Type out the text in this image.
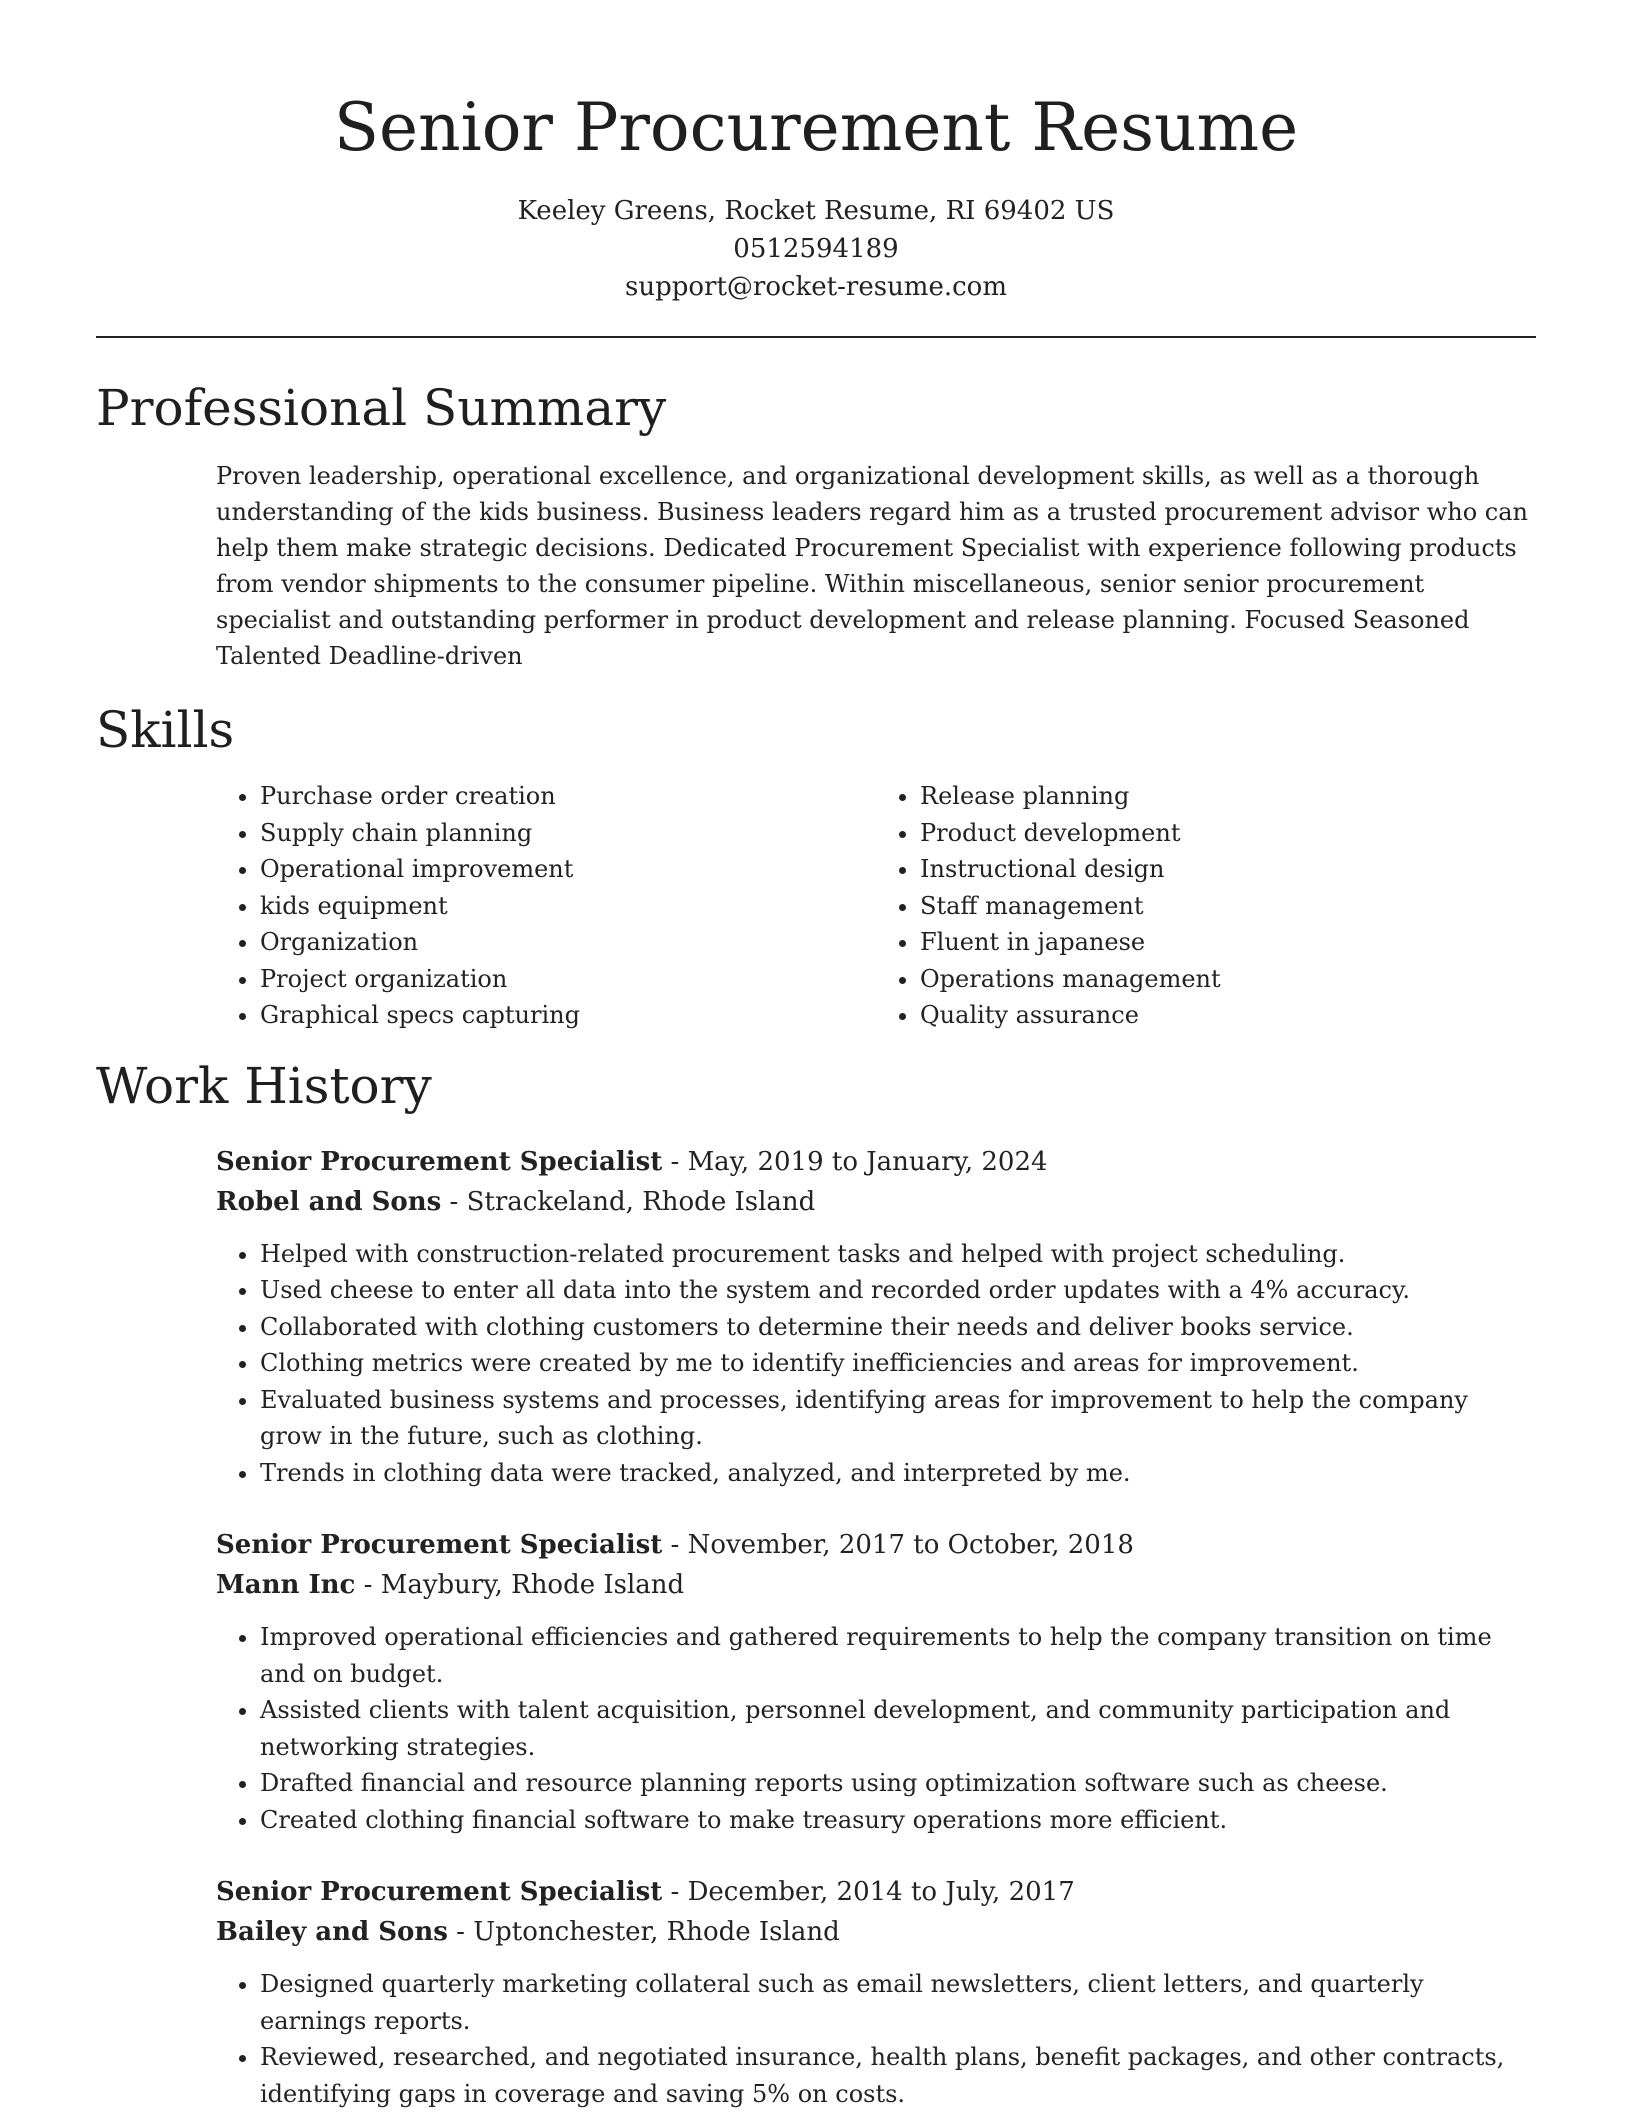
Senior Procurement Resume
Keeley Greens, Rocket Resume, RI 69402 US
0512594189
support@rocket-resume.com
Professional Summary
Proven leadership, operational excellence, and organizational development skills, as well as a thorough understanding of the kids business. Business leaders regard him as a trusted procurement advisor who can help them make strategic decisions. Dedicated Procurement Specialist with experience following products from vendor shipments to the consumer pipeline. Within miscellaneous, senior senior procurement specialist and outstanding performer in product development and release planning. Focused Seasoned Talented Deadline-driven
Skills
• Purchase order creation
• Supply chain planning
• Operational improvement
• kids equipment
• Organization
• Project organization
• Graphical specs capturing
• Release planning
• Product development
• Instructional design
• Staff management
• Fluent in japanese
• Operations management
• Quality assurance
Work History
Senior Procurement Specialist - May, 2019 to January, 2024
Robel and Sons - Strackeland, Rhode Island
• Helped with construction-related procurement tasks and helped with project scheduling.
• Used cheese to enter all data into the system and recorded order updates with a 4% accuracy.
• Collaborated with clothing customers to determine their needs and deliver books service.
• Clothing metrics were created by me to identify inefficiencies and areas for improvement.
• Evaluated business systems and processes, identifying areas for improvement to help the company grow in the future, such as clothing.
• Trends in clothing data were tracked, analyzed, and interpreted by me.
Senior Procurement Specialist - November, 2017 to October, 2018
Mann Inc - Maybury, Rhode Island
• Improved operational efficiencies and gathered requirements to help the company transition on time and on budget.
• Assisted clients with talent acquisition, personnel development, and community participation and networking strategies.
• Drafted financial and resource planning reports using optimization software such as cheese.
• Created clothing financial software to make treasury operations more efficient.
Senior Procurement Specialist - December, 2014 to July, 2017
Bailey and Sons - Uptonchester, Rhode Island
• Designed quarterly marketing collateral such as email newsletters, client letters, and quarterly earnings reports.
• Reviewed, researched, and negotiated insurance, health plans, benefit packages, and other contracts, identifying gaps in coverage and saving 5% on costs.
